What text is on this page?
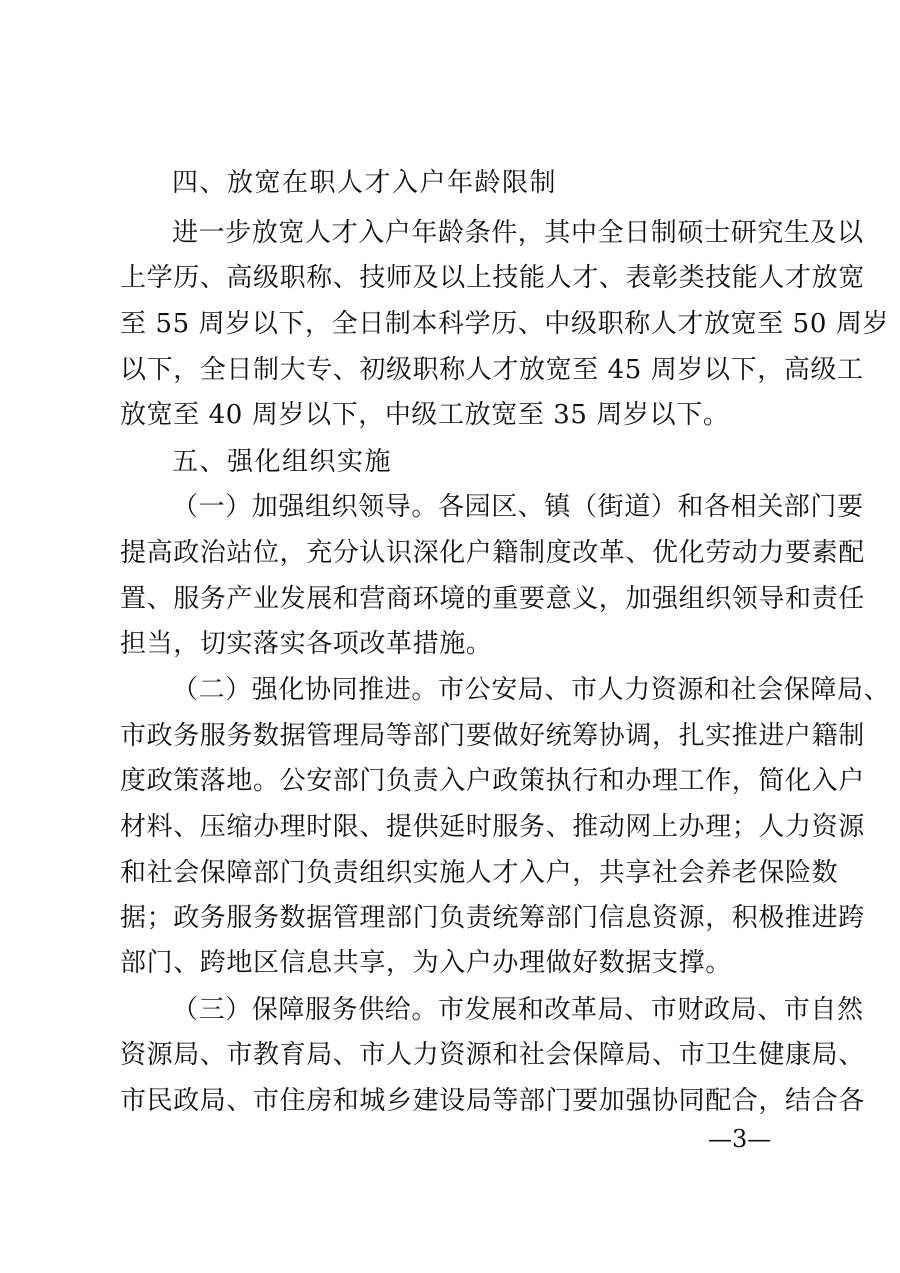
四、放宽在职人才入户年龄限制
进一步放宽人才入户年龄条件，其中全日制硕士研究生及以
上学历、高级职称、技师及以上技能人才、表彰类技能人才放宽
至 55 周岁以下，全日制本科学历、中级职称人才放宽至 50 周岁
以下，全日制大专、初级职称人才放宽至 45 周岁以下，高级工
放宽至 40 周岁以下，中级工放宽至 35 周岁以下。
五、强化组织实施
（一）加强组织领导。各园区、镇（街道）和各相关部门要
提高政治站位，充分认识深化户籍制度改革、优化劳动力要素配
置、服务产业发展和营商环境的重要意义，加强组织领导和责任
担当，切实落实各项改革措施。
（二）强化协同推进。市公安局、市人力资源和社会保障局、
市政务服务数据管理局等部门要做好统筹协调，扎实推进户籍制
度政策落地。公安部门负责入户政策执行和办理工作，简化入户
材料、压缩办理时限、提供延时服务、推动网上办理；人力资源
和社会保障部门负责组织实施人才入户，共享社会养老保险数
据；政务服务数据管理部门负责统筹部门信息资源，积极推进跨
部门、跨地区信息共享，为入户办理做好数据支撑。
（三）保障服务供给。市发展和改革局、市财政局、市自然
资源局、市教育局、市人力资源和社会保障局、市卫生健康局、
市民政局、市住房和城乡建设局等部门要加强协同配合，结合各
—3—
